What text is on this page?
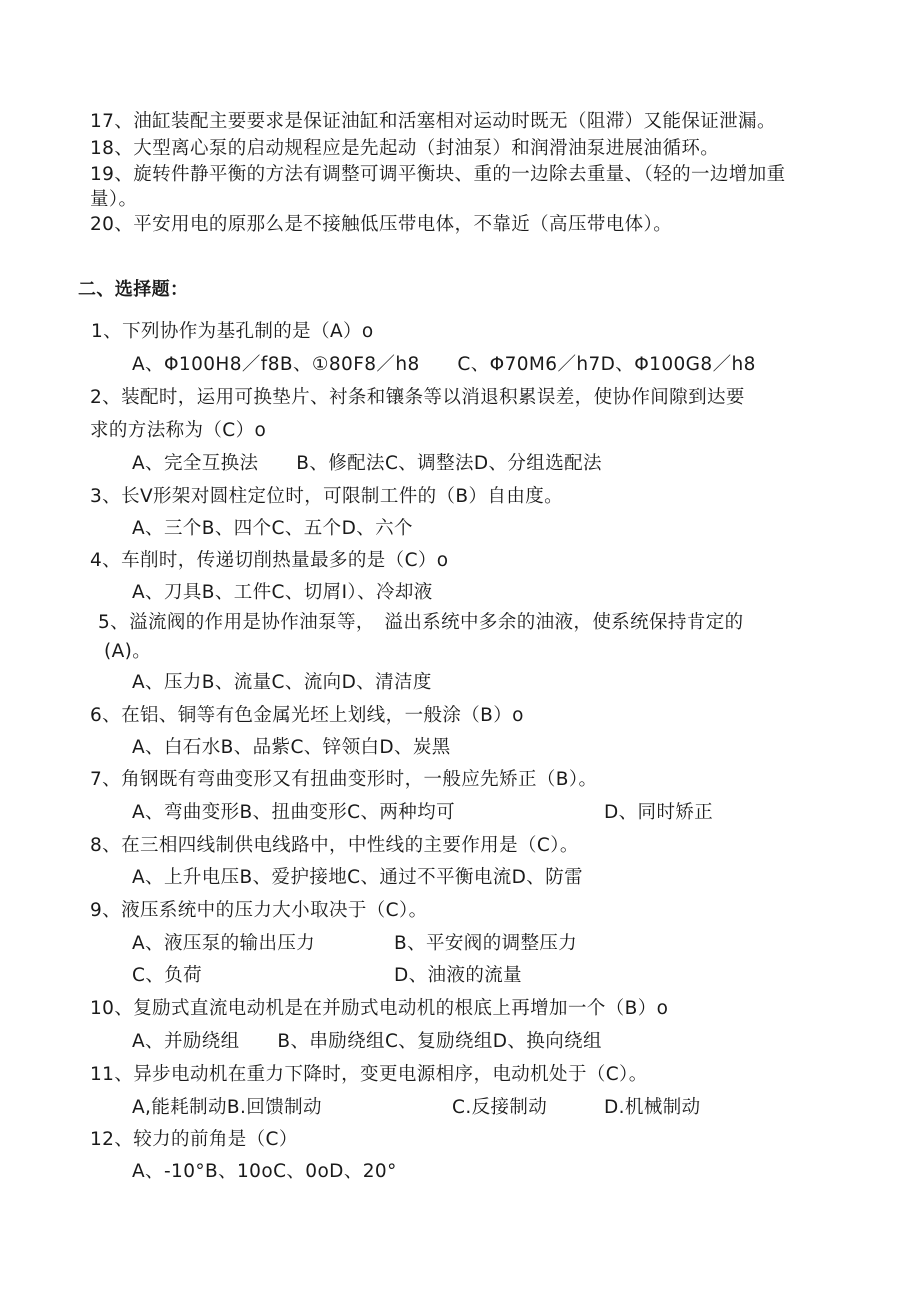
17、油缸装配主要要求是保证油缸和活塞相对运动时既无（阻滞）又能保证泄漏。
18、大型离心泵的启动规程应是先起动（封油泵）和润滑油泵进展油循环。
19、旋转件静平衡的方法有调整可调平衡块、重的一边除去重量、（轻的一边增加重
量）。
20、平安用电的原那么是不接触低压带电体，不靠近（高压带电体）。
二、选择题：
1、下列协作为基孔制的是（A）o
A、Φ100H8／f8B、①80F8／h8　　C、Φ70M6／h7D、Φ100G8／h8
2、装配时，运用可换垫片、衬条和镶条等以消退积累误差，使协作间隙到达要
求的方法称为（C）o
A、完全互换法　　B、修配法C、调整法D、分组选配法
3、长V形架对圆柱定位时，可限制工件的（B）自由度。
A、三个B、四个C、五个D、六个
4、车削时，传递切削热量最多的是（C）o
A、刀具B、工件C、切屑I）、冷却液
5、溢流阀的作用是协作油泵等，　溢出系统中多余的油液，使系统保持肯定的
(A)。
A、压力B、流量C、流向D、清洁度
6、在铝、铜等有色金属光坯上划线，一般涂（B）o
A、白石水B、品紫C、锌领白D、炭黑
7、角钢既有弯曲变形又有扭曲变形时，一般应先矫正（B）。
A、弯曲变形B、扭曲变形C、两种均可	D、同时矫正
8、在三相四线制供电线路中，中性线的主要作用是（C）。
A、上升电压B、爱护接地C、通过不平衡电流D、防雷
9、液压系统中的压力大小取决于（C）。
A、液压泵的输出压力	B、平安阀的调整压力
C、负荷	D、油液的流量
10、复励式直流电动机是在并励式电动机的根底上再增加一个（B）o
A、并励绕组　　B、串励绕组C、复励绕组D、换向绕组
11、异步电动机在重力下降时，变更电源相序，电动机处于（C）。
A,能耗制动B.回馈制动	C.反接制动	D.机械制动
12、较力的前角是（C）
A、-10°B、10oC、0oD、20°
